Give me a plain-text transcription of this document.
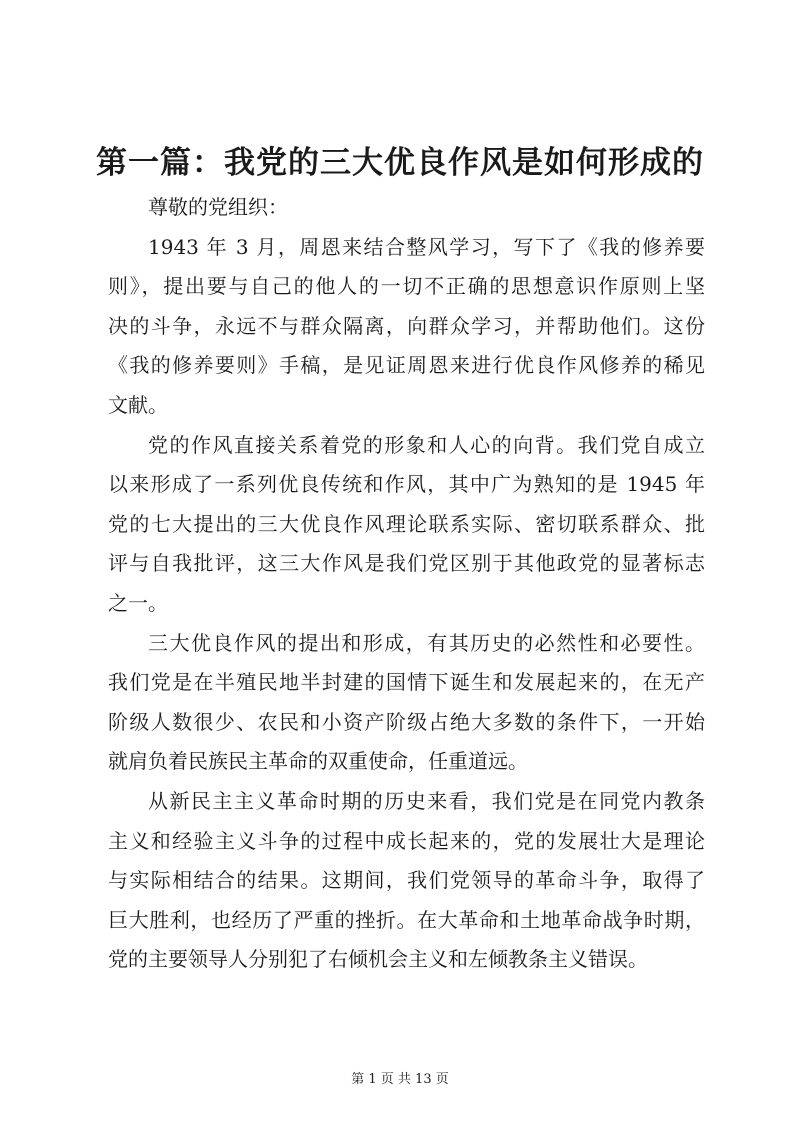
第一篇：我党的三大优良作风是如何形成的
尊敬的党组织：
1943 年 3 月，周恩来结合整风学习，写下了《我的修养要
则》，提出要与自己的他人的一切不正确的思想意识作原则上坚
决的斗争，永远不与群众隔离，向群众学习，并帮助他们。这份
《我的修养要则》手稿，是见证周恩来进行优良作风修养的稀见
文献。
党的作风直接关系着党的形象和人心的向背。我们党自成立
以来形成了一系列优良传统和作风，其中广为熟知的是 1945 年
党的七大提出的三大优良作风理论联系实际、密切联系群众、批
评与自我批评，这三大作风是我们党区别于其他政党的显著标志
之一。
三大优良作风的提出和形成，有其历史的必然性和必要性。
我们党是在半殖民地半封建的国情下诞生和发展起来的，在无产
阶级人数很少、农民和小资产阶级占绝大多数的条件下，一开始
就肩负着民族民主革命的双重使命，任重道远。
从新民主主义革命时期的历史来看，我们党是在同党内教条
主义和经验主义斗争的过程中成长起来的，党的发展壮大是理论
与实际相结合的结果。这期间，我们党领导的革命斗争，取得了
巨大胜利，也经历了严重的挫折。在大革命和土地革命战争时期，
党的主要领导人分别犯了右倾机会主义和左倾教条主义错误。
第 1 页 共 13 页
